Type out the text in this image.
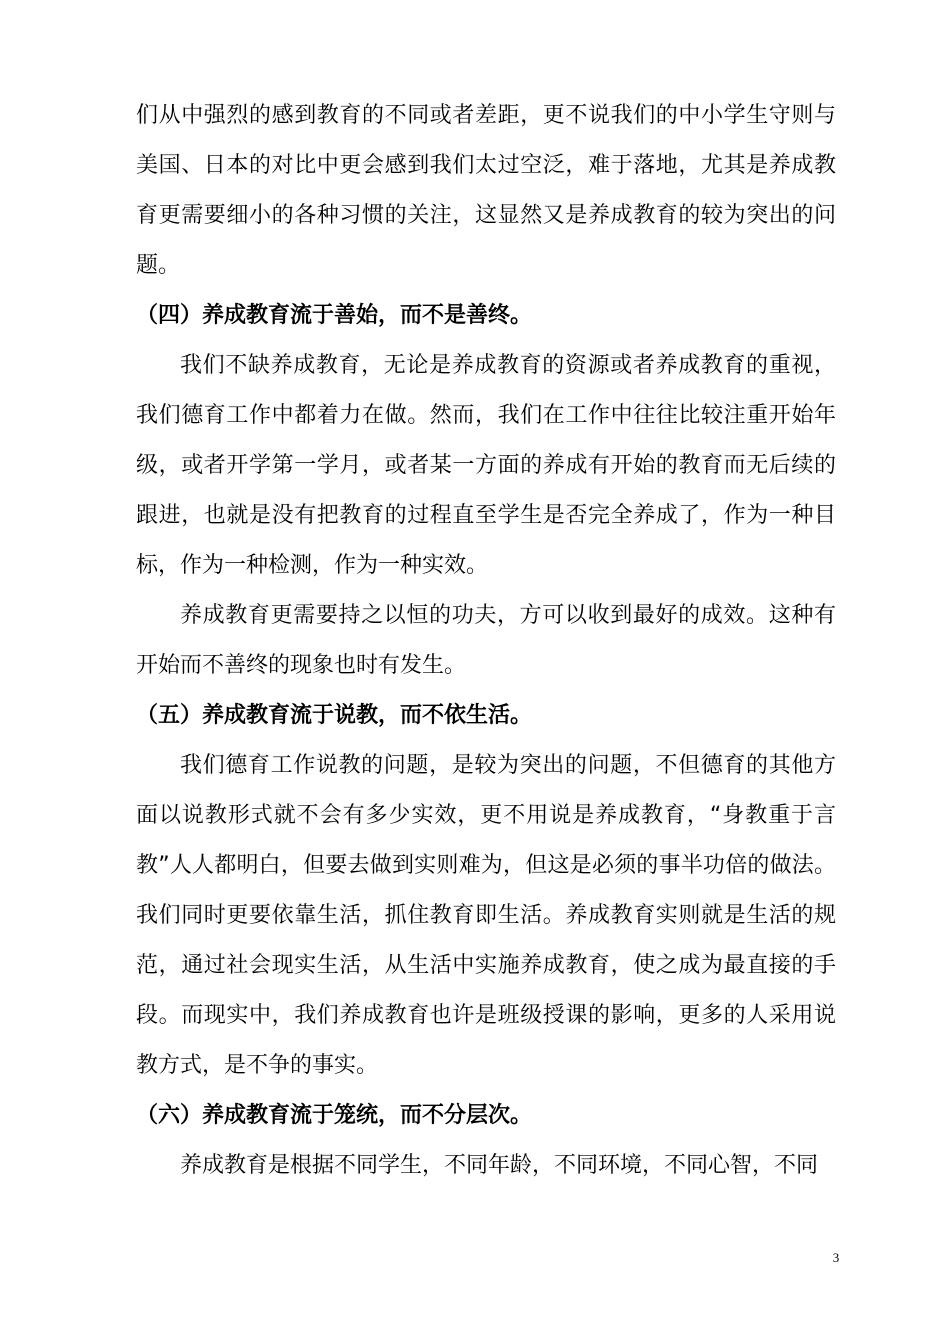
们从中强烈的感到教育的不同或者差距，更不说我们的中小学生守则与美国、日本的对比中更会感到我们太过空泛，难于落地，尤其是养成教育更需要细小的各种习惯的关注，这显然又是养成教育的较为突出的问题。

（四）养成教育流于善始，而不是善终。

我们不缺养成教育，无论是养成教育的资源或者养成教育的重视，我们德育工作中都着力在做。然而，我们在工作中往往比较注重开始年级，或者开学第一学月，或者某一方面的养成有开始的教育而无后续的跟进，也就是没有把教育的过程直至学生是否完全养成了，作为一种目标，作为一种检测，作为一种实效。

养成教育更需要持之以恒的功夫，方可以收到最好的成效。这种有开始而不善终的现象也时有发生。

（五）养成教育流于说教，而不依生活。

我们德育工作说教的问题，是较为突出的问题，不但德育的其他方面以说教形式就不会有多少实效，更不用说是养成教育，“身教重于言教”人人都明白，但要去做到实则难为，但这是必须的事半功倍的做法。我们同时更要依靠生活，抓住教育即生活。养成教育实则就是生活的规范，通过社会现实生活，从生活中实施养成教育，使之成为最直接的手段。而现实中，我们养成教育也许是班级授课的影响，更多的人采用说教方式，是不争的事实。

（六）养成教育流于笼统，而不分层次。

养成教育是根据不同学生，不同年龄，不同环境，不同心智，不同

3
